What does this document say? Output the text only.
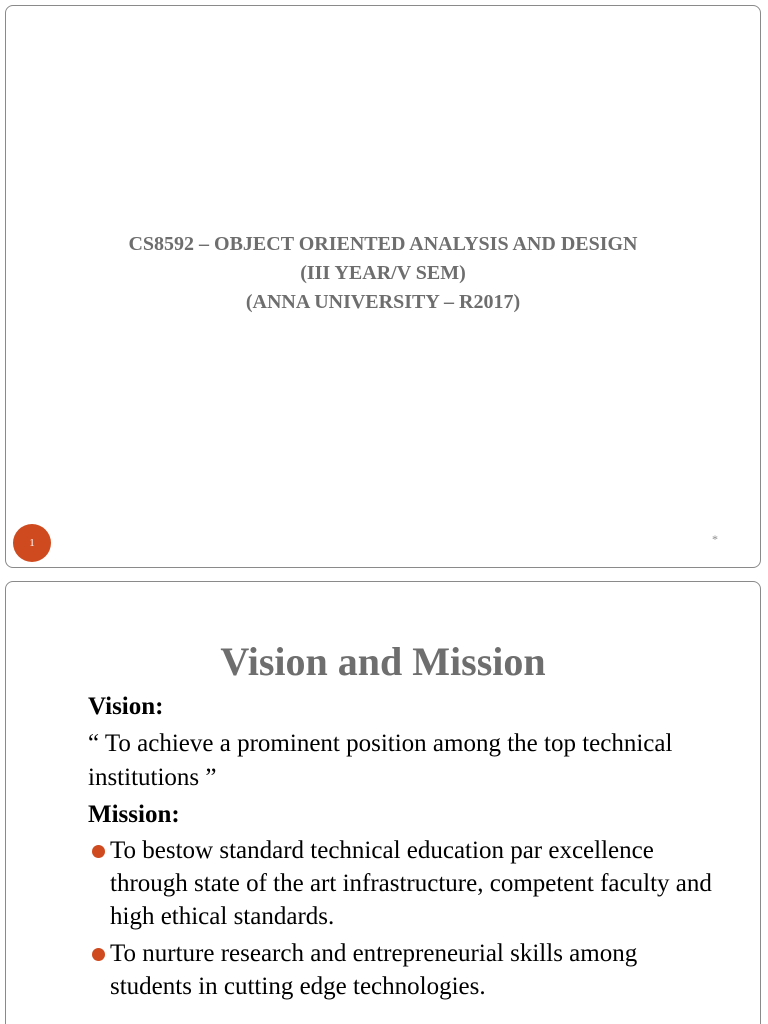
CS8592 – OBJECT ORIENTED ANALYSIS AND DESIGN
(III YEAR/V SEM)
(ANNA UNIVERSITY – R2017)
1	*
Vision and Mission

Vision:

“ To achieve a prominent position among the top technical

institutions ”

Mission:

To bestow standard technical education par excellence through state of the art infrastructure, competent faculty and high ethical standards.
To nurture research and entrepreneurial skills among students in cutting edge technologies.
